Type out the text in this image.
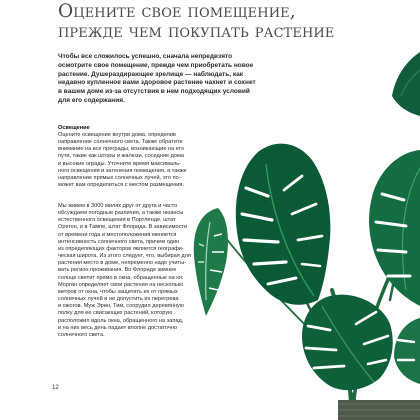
Оцените свое помещение,
прежде чем покупать растение
Чтобы все сложилось успешно, сначала непредвзято
осмотрите свое помещение, прежде чем приобретать новое
растение. Душераздирающее зрелище — наблюдать, как
недавно купленное вами здоровое растение чахнет и сохнет
в вашем доме из-за отсутствия в нем подходящих условий
для его содержания.
Освещение
Оцените освещение внутри дома, определив
направление солнечного света. Также обратите
внимание на все преграды, возникающие на его
пути, такие как шторы и жалюзи, соседние дома
и высокие ограды. Уточните время максималь-
ного освещения и затенения помещения, а также
направление прямых солнечных лучей, это по-
может вам определиться с местом размещения.
Мы живем в 3000 милях друг от друга и часто
обсуждаем погодные различия, а также нюансы
естественного освещения в Портленде, штат
Орегон, и в Тампе, штат Флорида. В зависимости
от времени года и местоположения меняется
интенсивность солнечного света, причем один
из определяющих факторов является географи-
ческая широта. Из этого следует, что, выбирая для
растения место в доме, непременно надо учиты-
вать регион проживания. Во Флориде зимнее
солнце светит прямо в окна, обращенные на юг.
Морган определяет свои растения на несколько
метров от окна, чтобы защитить их от прямых
солнечных лучей и не допустить их перегрева
и ожогов. Муж Эрин, Тим, соорудил деревянную
полку для ее свисающих растений, которую
расположил вдоль окна, обращенного на запад,
и на них весь день падает вполне достаточно
солнечного света.
12
